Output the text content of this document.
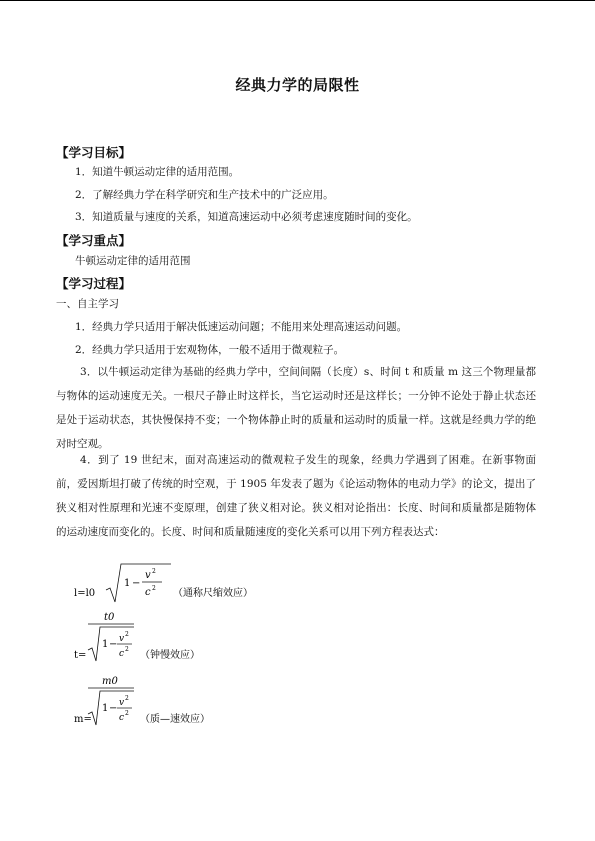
经典力学的局限性
【学习目标】
1．知道牛顿运动定律的适用范围。
2．了解经典力学在科学研究和生产技术中的广泛应用。
3．知道质量与速度的关系，知道高速运动中必须考虑速度随时间的变化。
【学习重点】
牛顿运动定律的适用范围
【学习过程】
一、自主学习
1．经典力学只适用于解决低速运动问题；不能用来处理高速运动问题。
2．经典力学只适用于宏观物体，一般不适用于微观粒子。
3．以牛顿运动定律为基础的经典力学中，空间间隔（长度）s、时间 t 和质量 m 这三个物理量都与物体的运动速度无关。一根尺子静止时这样长，当它运动时还是这样长；一分钟不论处于静止状态还是处于运动状态，其快慢保持不变；一个物体静止时的质量和运动时的质量一样。这就是经典力学的绝对时空观。
4．到了 19 世纪末，面对高速运动的微观粒子发生的现象，经典力学遇到了困难。在新事物面前，爱因斯坦打破了传统的时空观，于 1905 年发表了题为《论运动物体的电动力学》的论文，提出了狭义相对性原理和光速不变原理，创建了狭义相对论。狭义相对论指出：长度、时间和质量都是随物体的运动速度而变化的。长度、时间和质量随速度的变化关系可以用下列方程表达式：
l=l0
1 −
v 2
c 2 （通称尺缩效应）
t0
t=
1 − v 2
c 2
（钟慢效应）
m0
m=
1 − v 2
c 2
（质—速效应）
